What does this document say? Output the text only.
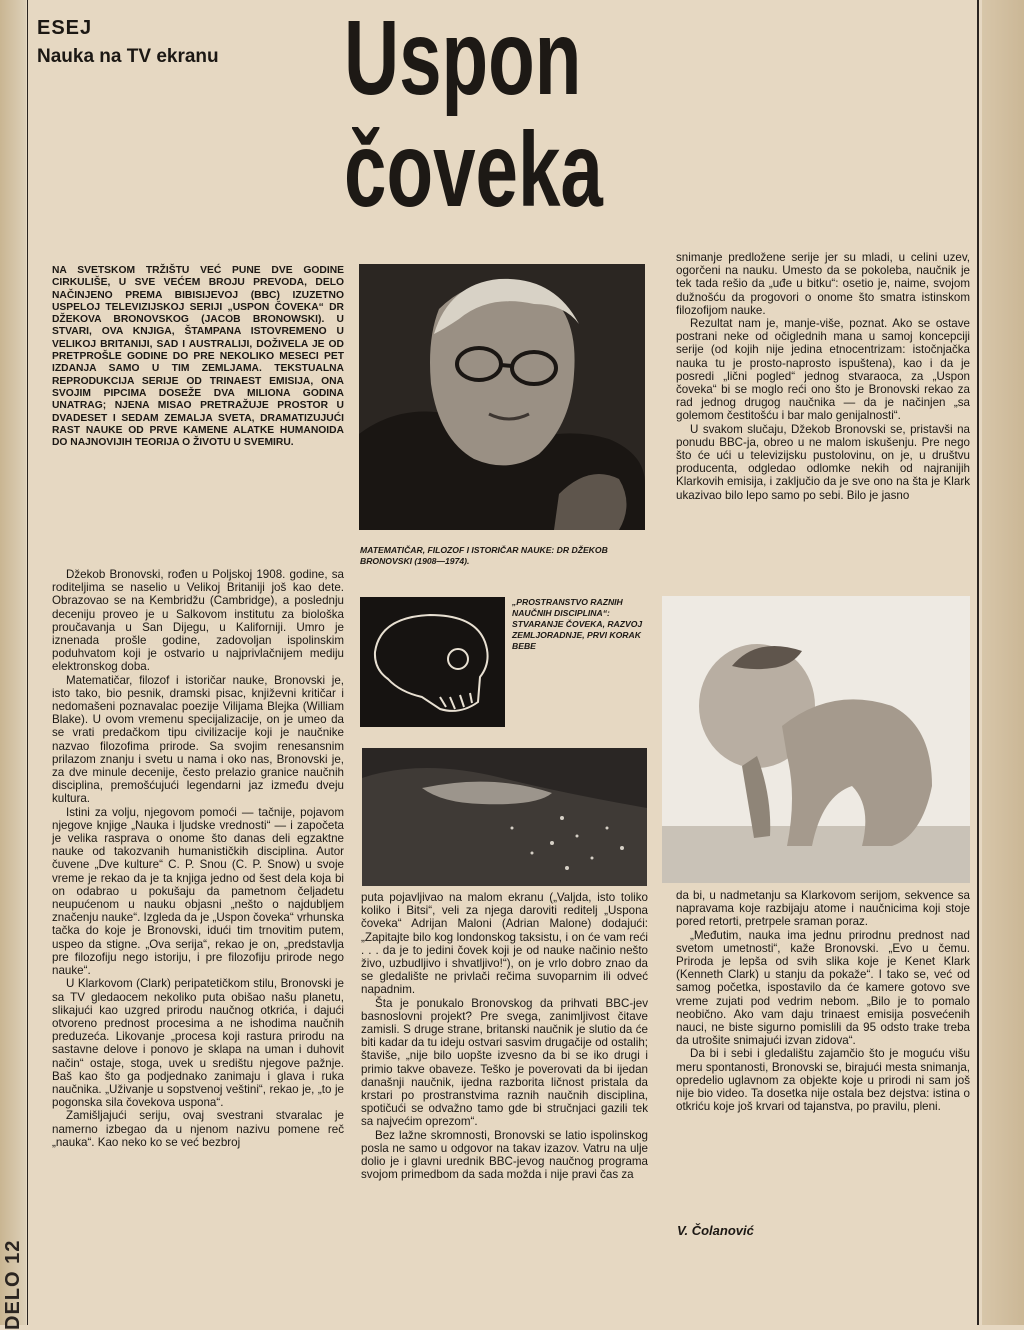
DELO 12
ESEJ
Nauka na TV ekranu Uspon
čoveka
NA SVETSKOM TRŽIŠTU VEĆ PUNE DVE GODINE CIRKULIŠE, U SVE VEĆEM BROJU PREVODA, DELO NAČINJENO PREMA BIBISIJEVOJ (BBC) IZUZETNO USPELOJ TELEVIZIJSKOJ SERIJI „USPON ČOVEKA“ DR DŽEKOVA BRONOVSKOG (JACOB BRONOWSKI). U STVARI, OVA KNJIGA, ŠTAMPANA ISTOVREMENO U VELIKOJ BRITANIJI, SAD I AUSTRALIJI, DOŽIVELA JE OD PRETPROŠLE GODINE DO PRE NEKOLIKO MESECI PET IZDANJA SAMO U TIM ZEMLJAMA. TEKSTUALNA REPRODUKCIJA SERIJE OD TRINAEST EMISIJA, ONA SVOJIM PIPCIMA DOSEŽE DVA MILIONA GODINA UNATRAG; NJENA MISAO PRETRAŽUJE PROSTOR U DVADESET I SEDAM ZEMALJA SVETA, DRAMATIZUJUĆI RAST NAUKE OD PRVE KAMENE ALATKE HUMANOIDA DO NAJNOVIJIH TEORIJA O ŽIVOTU U SVEMIRU.
MATEMATIČAR, FILOZOF I ISTORIČAR NAUKE: DR DŽEKOB BRONOVSKI (1908—1974).
„PROSTRANSTVO RAZNIH NAUČNIH DISCIPLINA“: STVARANJE ČOVEKA, RAZVOJ ZEMLJORADNJE, PRVI KORAK BEBE

Džekob Bronovski, rođen u Poljskoj 1908. godine, sa roditeljima se naselio u Velikoj Britaniji još kao dete. Obrazovao se na Kembridžu (Cambridge), a poslednju deceniju proveo je u Salkovom institutu za biološka proučavanja u San Dijegu, u Kaliforniji. Umro je iznenada prošle godine, zadovoljan ispolinskim poduhvatom koji je ostvario u najprivlačnijem mediju elektronskog doba.

Matematičar, filozof i istoričar nauke, Bronovski je, isto tako, bio pesnik, dramski pisac, književni kritičar i nedomašeni poznavalac poezije Vilijama Blejka (William Blake). U ovom vremenu specijalizacije, on je umeo da se vrati predačkom tipu civilizacije koji je naučnike nazvao filozofima prirode. Sa svojim renesansnim prilazom znanju i svetu u nama i oko nas, Bronovski je, za dve minule decenije, često prelazio granice naučnih disciplina, premošćujući legendarni jaz između dveju kultura.

Istini za volju, njegovom pomoći — tačnije, pojavom njegove knjige „Nauka i ljudske vrednosti“ — i započeta je velika rasprava o onome što danas deli egzaktne nauke od takozvanih humanističkih disciplina. Autor čuvene „Dve kulture“ C. P. Snou (C. P. Snow) u svoje vreme je rekao da je ta knjiga jedno od šest dela koja bi on odabrao u pokušaju da pametnom čeljadetu neupućenom u nauku objasni „nešto o najdubljem značenju nauke“. Izgleda da je „Uspon čoveka“ vrhunska tačka do koje je Bronovski, idući tim trnovitim putem, uspeo da stigne. „Ova serija“, rekao je on, „predstavlja pre filozofiju nego istoriju, i pre filozofiju prirode nego nauke“.

U Klarkovom (Clark) peripatetičkom stilu, Bronovski je sa TV gledaocem nekoliko puta obišao našu planetu, slikajući kao uzgred prirodu naučnog otkrića, i dajući otvoreno prednost procesima a ne ishodima naučnih preduzeća. Likovanje „procesa koji rastura prirodu na sastavne delove i ponovo je sklapa na uman i duhovit način“ ostaje, stoga, uvek u središtu njegove pažnje. Baš kao što ga podjednako zanimaju i glava i ruka naučnika. „Uživanje u sopstvenoj veštini“, rekao je, „to je pogonska sila čovekova uspona“.

Zamišljajući seriju, ovaj svestrani stvaralac je namerno izbegao da u njenom nazivu pomene reč „nauka“. Kao neko ko se već bezbroj

puta pojavljivao na malom ekranu („Valjda, isto toliko koliko i Bitsi“, veli za njega daroviti reditelj „Uspona čoveka“ Adrijan Maloni (Adrian Malone) dodajući: „Zapitajte bilo kog londonskog taksistu, i on će vam reći . . . da je to jedini čovek koji je od nauke načinio nešto živo, uzbudljivo i shvatljivo!“), on je vrlo dobro znao da se gledalište ne privlači rečima suvoparnim ili odveć napadnim.

Šta je ponukalo Bronovskog da prihvati BBC-jev basnoslovni projekt? Pre svega, zanimljivost čitave zamisli. S druge strane, britanski naučnik je slutio da će biti kadar da tu ideju ostvari sasvim drugačije od ostalih; štaviše, „nije bilo uopšte izvesno da bi se iko drugi i primio takve obaveze. Teško je poverovati da bi ijedan današnji naučnik, ijedna razborita ličnost pristala da krstari po prostranstvima raznih naučnih disciplina, spotičući se odvažno tamo gde bi stručnjaci gazili tek sa najvećim oprezom“.

Bez lažne skromnosti, Bronovski se latio ispolinskog posla ne samo u odgovor na takav izazov. Vatru na ulje dolio je i glavni urednik BBC-jevog naučnog programa svojom primedbom da sada možda i nije pravi čas za

snimanje predložene serije jer su mladi, u celini uzev, ogorčeni na nauku. Umesto da se pokoleba, naučnik je tek tada rešio da „uđe u bitku“: osetio je, naime, svojom dužnošću da progovori o onome što smatra istinskom filozofijom nauke.

Rezultat nam je, manje-više, poznat. Ako se ostave postrani neke od očiglednih mana u samoj koncepciji serije (od kojih nije jedina etnocentrizam: istočnjačka nauka tu je prosto-naprosto ispuštena), kao i da je posredi „lični pogled“ jednog stvaraoca, za „Uspon čoveka“ bi se moglo reći ono što je Bronovski rekao za rad jednog drugog naučnika — da je načinjen „sa golemom čestitošću i bar malo genijalnosti“.

U svakom slučaju, Džekob Bronovski se, pristavši na ponudu BBC-ja, obreo u ne malom iskušenju. Pre nego što će ući u televizijsku pustolovinu, on je, u društvu producenta, odgledao odlomke nekih od najranijih Klarkovih emisija, i zaključio da je sve ono na šta je Klark ukazivao bilo lepo samo po sebi. Bilo je jasno

da bi, u nadmetanju sa Klarkovom serijom, sekvence sa napravama koje razbijaju atome i naučnicima koji stoje pored retorti, pretrpele sraman poraz.

„Međutim, nauka ima jednu prirodnu prednost nad svetom umetnosti“, kaže Bronovski. „Evo u čemu. Priroda je lepša od svih slika koje je Kenet Klark (Kenneth Clark) u stanju da pokaže“. I tako se, već od samog početka, ispostavilo da će kamere gotovo sve vreme zujati pod vedrim nebom. „Bilo je to pomalo neobično. Ako vam daju trinaest emisija posvećenih nauci, ne biste sigurno pomislili da 95 odsto trake treba da utrošite snimajući izvan zidova“.

Da bi i sebi i gledalištu zajamčio što je moguću višu meru spontanosti, Bronovski se, birajući mesta snimanja, opredelio uglavnom za objekte koje u prirodi ni sam još nije bio video. Ta dosetka nije ostala bez dejstva: istina o otkriću koje još krvari od tajanstva, po pravilu, pleni.

V. Čolanović
